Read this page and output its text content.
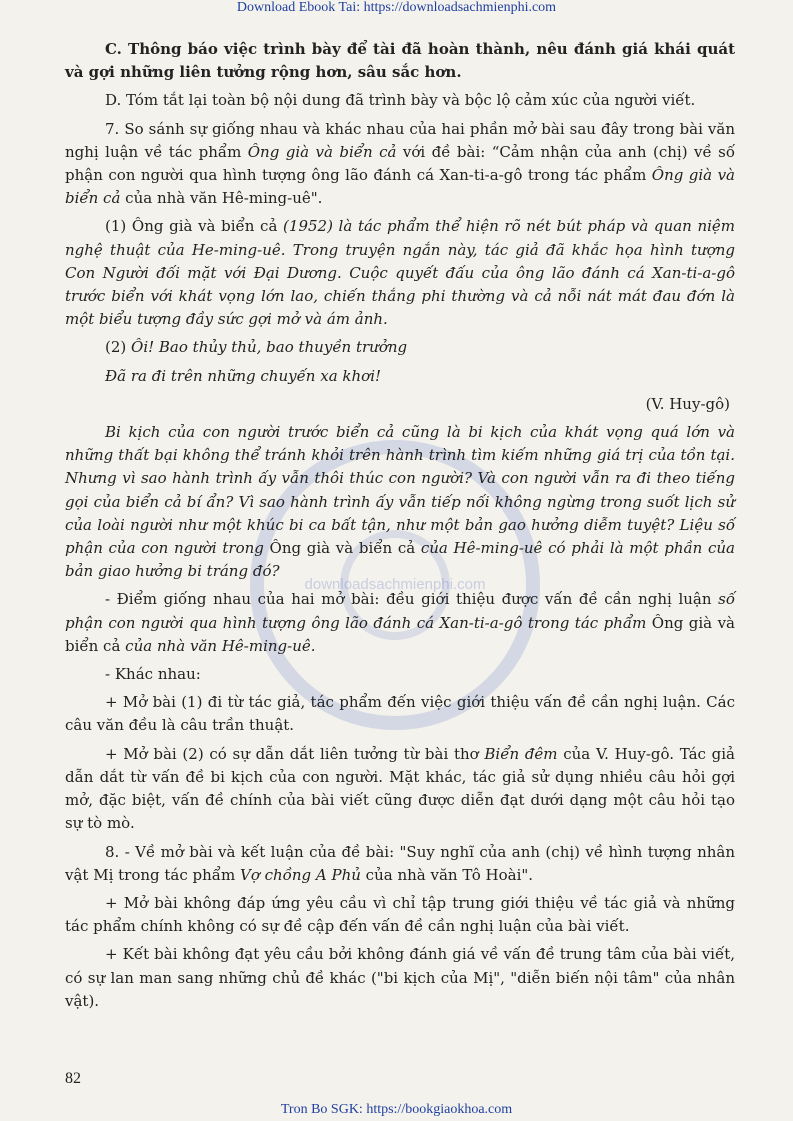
Download Ebook Tai: https://downloadsachmienphi.com
downloadsachmienphi.com

C. Thông báo việc trình bày để tài đã hoàn thành, nêu đánh giá khái quát và gợi những liên tưởng rộng hơn, sâu sắc hơn.

D. Tóm tắt lại toàn bộ nội dung đã trình bày và bộc lộ cảm xúc của người viết.

7. So sánh sự giống nhau và khác nhau của hai phần mở bài sau đây trong bài văn nghị luận về tác phẩm Ông già và biển cả với đề bài: “Cảm nhận của anh (chị) về số phận con người qua hình tượng ông lão đánh cá Xan-ti-a-gô trong tác phẩm Ông già và biển cả của nhà văn Hê-ming-uê".

(1) Ông già và biển cả (1952) là tác phẩm thể hiện rõ nét bút pháp và quan niệm nghệ thuật của He-ming-uê. Trong truyện ngắn này, tác giả đã khắc họa hình tượng Con Người đối mặt với Đại Dương. Cuộc quyết đấu của ông lão đánh cá Xan-ti-a-gô trước biển với khát vọng lớn lao, chiến thắng phi thường và cả nỗi nát mát đau đớn là một biểu tượng đầy sức gợi mở và ám ảnh.

(2) Ôi! Bao thủy thủ, bao thuyền trưởng

Đã ra đi trên những chuyến xa khơi!

(V. Huy-gô)

Bi kịch của con người trước biển cả cũng là bi kịch của khát vọng quá lớn và những thất bại không thể tránh khỏi trên hành trình tìm kiếm những giá trị của tồn tại. Nhưng vì sao hành trình ấy vẫn thôi thúc con người? Và con người vẫn ra đi theo tiếng gọi của biển cả bí ẩn? Vì sao hành trình ấy vẫn tiếp nối không ngừng trong suốt lịch sử của loài người như một khúc bi ca bất tận, như một bản gao hưởng diễm tuyệt? Liệu số phận của con người trong Ông già và biển cả của Hê-ming-uê có phải là một phần của bản giao hưởng bi tráng đó?

- Điểm giống nhau của hai mở bài: đều giới thiệu được vấn đề cần nghị luận số phận con người qua hình tượng ông lão đánh cá Xan-ti-a-gô trong tác phẩm Ông già và biển cả của nhà văn Hê-ming-uê.

- Khác nhau:

+ Mở bài (1) đi từ tác giả, tác phẩm đến việc giới thiệu vấn đề cần nghị luận. Các câu văn đều là câu trần thuật.

+ Mở bài (2) có sự dẫn dắt liên tưởng từ bài thơ Biển đêm của V. Huy-gô. Tác giả dẫn dắt từ vấn đề bi kịch của con người. Mặt khác, tác giả sử dụng nhiều câu hỏi gợi mở, đặc biệt, vấn đề chính của bài viết cũng được diễn đạt dưới dạng một câu hỏi tạo sự tò mò.

8. - Về mở bài và kết luận của đề bài: "Suy nghĩ của anh (chị) về hình tượng nhân vật Mị trong tác phẩm Vợ chồng A Phủ của nhà văn Tô Hoài".

+ Mở bài không đáp ứng yêu cầu vì chỉ tập trung giới thiệu về tác giả và những tác phẩm chính không có sự đề cập đến vấn đề cần nghị luận của bài viết.

+ Kết bài không đạt yêu cầu bởi không đánh giá về vấn đề trung tâm của bài viết, có sự lan man sang những chủ đề khác ("bi kịch của Mị", "diễn biến nội tâm" của nhân vật).

82
Tron Bo SGK: https://bookgiaokhoa.com
